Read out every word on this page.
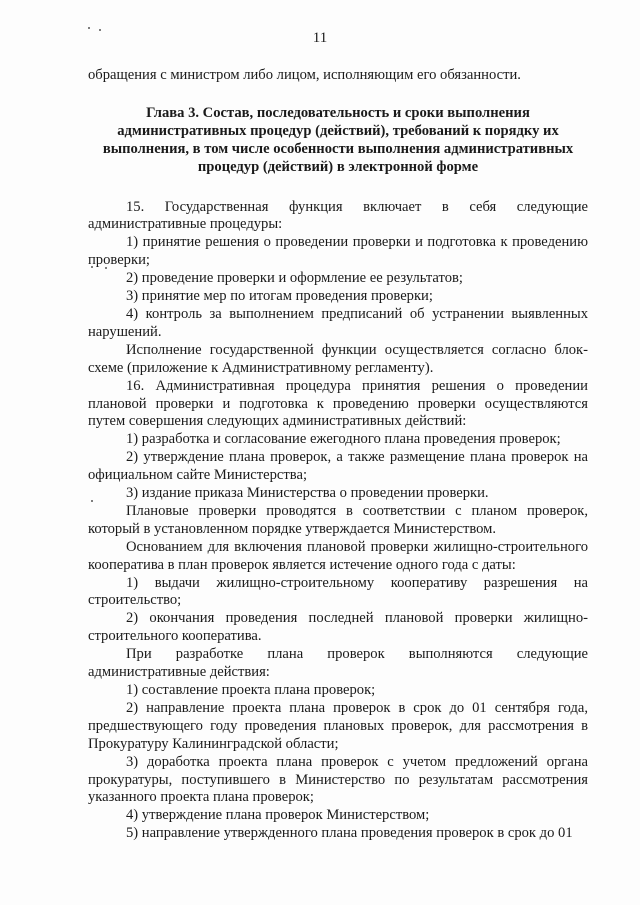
11

обращения с министром либо лицом, исполняющим его обязанности.

Глава 3. Состав, последовательность и сроки выполнения административных процедур (действий), требований к порядку их выполнения, в том числе особенности выполнения административных процедур (действий) в электронной форме

15. Государственная функция включает в себя следующие административные процедуры:

1) принятие решения о проведении проверки и подготовка к проведению проверки;

2) проведение проверки и оформление ее результатов;

3) принятие мер по итогам проведения проверки;

4) контроль за выполнением предписаний об устранении выявленных нарушений.

Исполнение государственной функции осуществляется согласно блок-схеме (приложение к Административному регламенту).

16. Административная процедура принятия решения о проведении плановой проверки и подготовка к проведению проверки осуществляются путем совершения следующих административных действий:

1) разработка и согласование ежегодного плана проведения проверок;

2) утверждение плана проверок, а также размещение плана проверок на официальном сайте Министерства;

3) издание приказа Министерства о проведении проверки.

Плановые проверки проводятся в соответствии с планом проверок, который в установленном порядке утверждается Министерством.

Основанием для включения плановой проверки жилищно-строительного кооператива в план проверок является истечение одного года с даты:

1) выдачи жилищно-строительному кооперативу разрешения на строительство;

2) окончания проведения последней плановой проверки жилищно-строительного кооператива.

При разработке плана проверок выполняются следующие административные действия:

1) составление проекта плана проверок;

2) направление проекта плана проверок в срок до 01 сентября года, предшествующего году проведения плановых проверок, для рассмотрения в Прокуратуру Калининградской области;

3) доработка проекта плана проверок с учетом предложений органа прокуратуры, поступившего в Министерство по результатам рассмотрения указанного проекта плана проверок;

4) утверждение плана проверок Министерством;

5) направление утвержденного плана проведения проверок в срок до 01
